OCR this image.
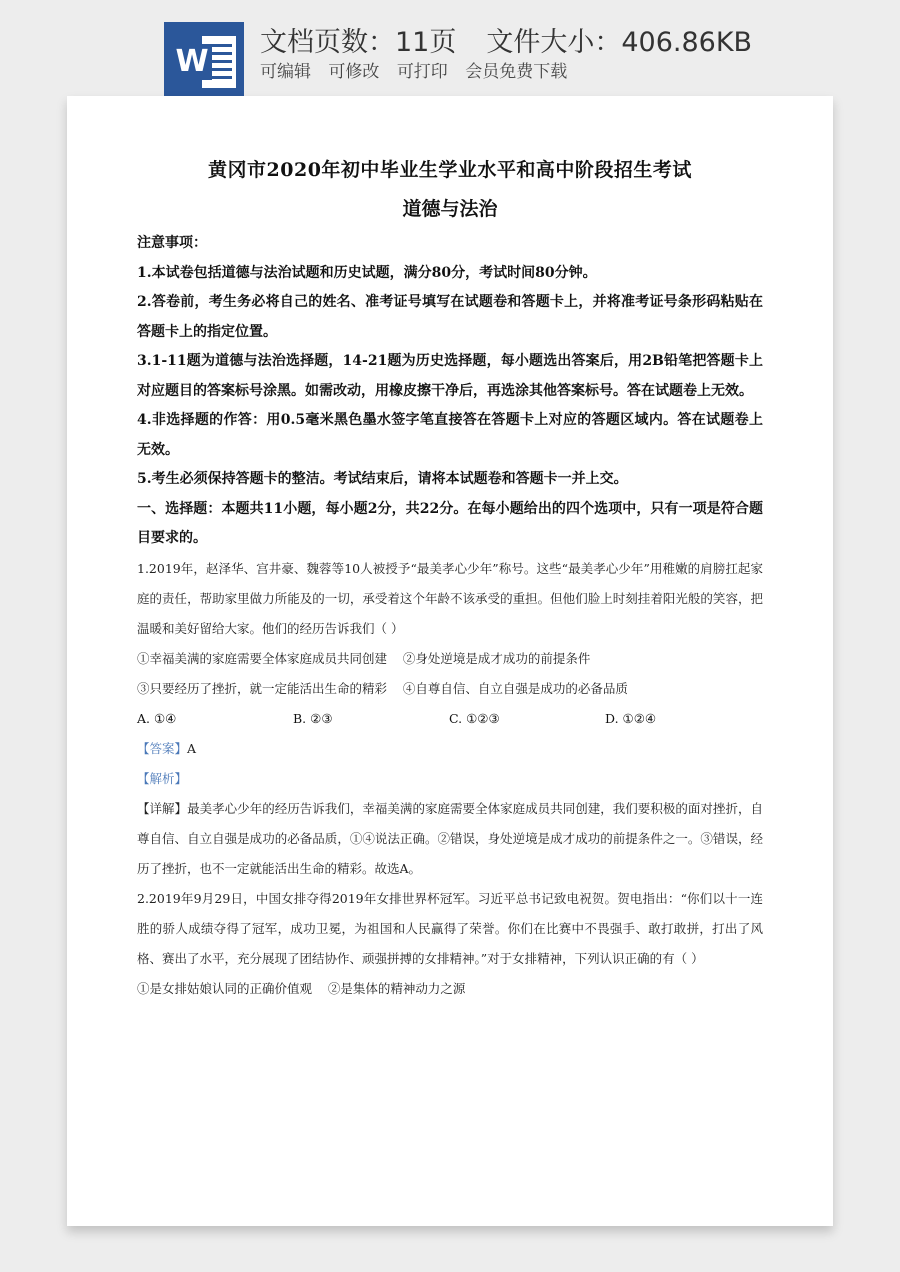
W
文档页数：11页 文件大小：406.86KB
可编辑 可修改 可打印 会员免费下载

黄冈市2020年初中毕业生学业水平和高中阶段招生考试

道德与法治

注意事项：

1.本试卷包括道德与法治试题和历史试题，满分80分，考试时间80分钟。

2.答卷前，考生务必将自己的姓名、准考证号填写在试题卷和答题卡上，并将准考证号条形码粘贴在答题卡上的指定位置。

3.1-11题为道德与法治选择题，14-21题为历史选择题，每小题选出答案后，用2B铅笔把答题卡上对应题目的答案标号涂黑。如需改动，用橡皮擦干净后，再选涂其他答案标号。答在试题卷上无效。

4.非选择题的作答：用0.5毫米黑色墨水签字笔直接答在答题卡上对应的答题区域内。答在试题卷上无效。

5.考生必须保持答题卡的整洁。考试结束后，请将本试题卷和答题卡一并上交。

一、选择题：本题共11小题，每小题2分，共22分。在每小题给出的四个选项中，只有一项是符合题目要求的。

1.2019年，赵泽华、宫井豪、魏蓉等10人被授予“最美孝心少年”称号。这些“最美孝心少年”用稚嫩的肩膀扛起家庭的责任，帮助家里做力所能及的一切，承受着这个年龄不该承受的重担。但他们脸上时刻挂着阳光般的笑容，把温暖和美好留给大家。他们的经历告诉我们（ ）

①幸福美满的家庭需要全体家庭成员共同创建    ②身处逆境是成才成功的前提条件

③只要经历了挫折，就一定能活出生命的精彩    ④自尊自信、自立自强是成功的必备品质

A. ①④	B. ②③	C. ①②③	D. ①②④

【答案】A

【解析】

【详解】最美孝心少年的经历告诉我们，幸福美满的家庭需要全体家庭成员共同创建，我们要积极的面对挫折，自尊自信、自立自强是成功的必备品质，①④说法正确。②错误，身处逆境是成才成功的前提条件之一。③错误，经历了挫折，也不一定就能活出生命的精彩。故选A。

2.2019年9月29日，中国女排夺得2019年女排世界杯冠军。习近平总书记致电祝贺。贺电指出：“你们以十一连胜的骄人成绩夺得了冠军，成功卫冕，为祖国和人民赢得了荣誉。你们在比赛中不畏强手、敢打敢拼，打出了风格、赛出了水平，充分展现了团结协作、顽强拼搏的女排精神。”对于女排精神，下列认识正确的有（ ）

①是女排姑娘认同的正确价值观    ②是集体的精神动力之源
